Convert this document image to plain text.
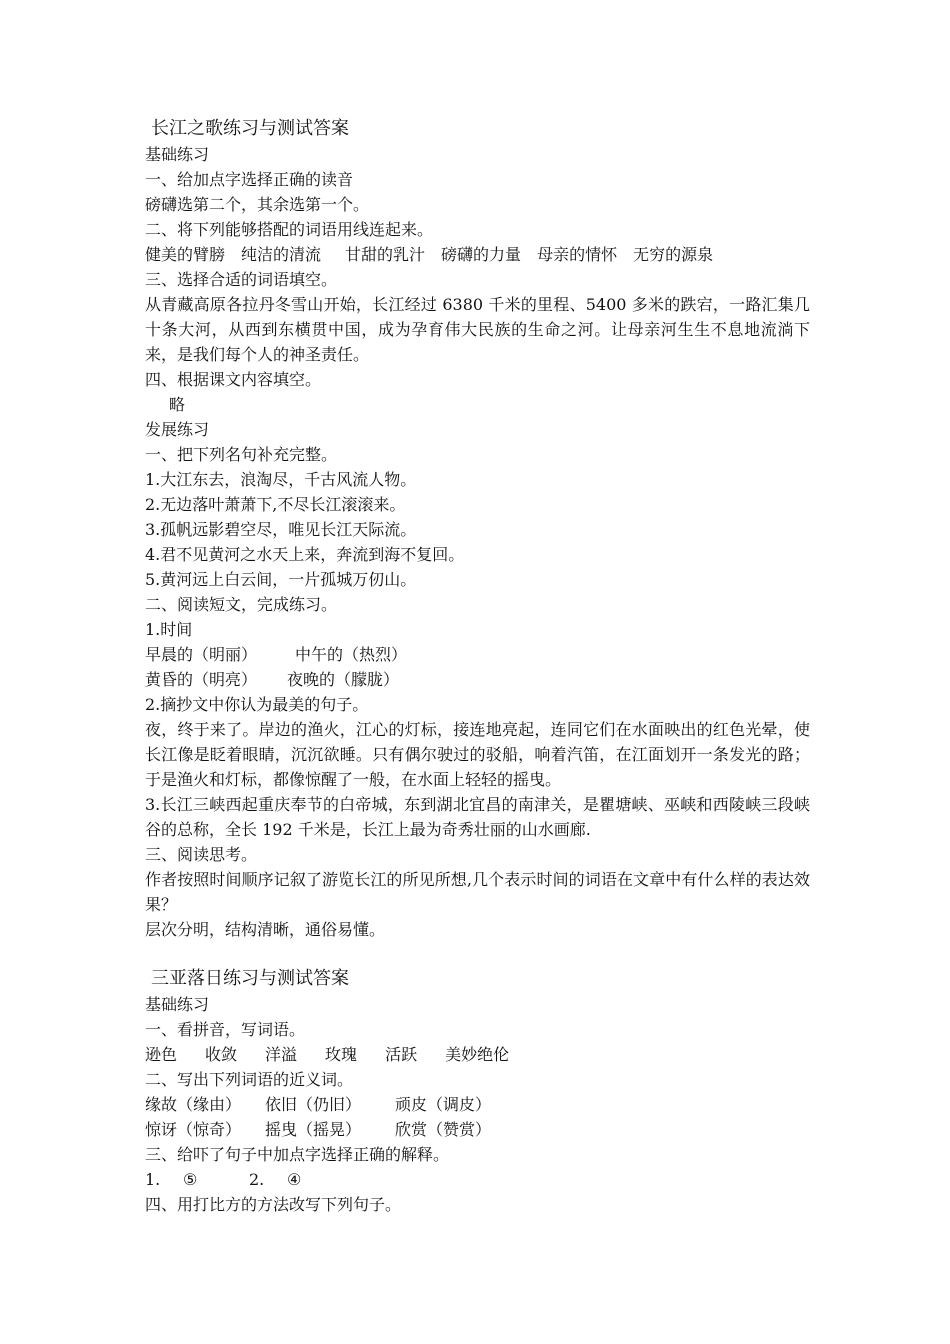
长江之歌练习与测试答案

基础练习

一、给加点字选择正确的读音

磅礴选第二个，其余选第一个。

二、将下列能够搭配的词语用线连起来。

健美的臂膀 纯洁的清流 甘甜的乳汁 磅礴的力量 母亲的情怀 无穷的源泉

三、选择合适的词语填空。

从青藏高原各拉丹冬雪山开始，长江经过 6380 千米的里程、5400 多米的跌宕，一路汇集几十条大河，从西到东横贯中国，成为孕育伟大民族的生命之河。让母亲河生生不息地流淌下来，是我们每个人的神圣责任。

四、根据课文内容填空。

略

发展练习

一、把下列名句补充完整。

1.大江东去，浪淘尽，千古风流人物。

2.无边落叶萧萧下,不尽长江滚滚来。

3.孤帆远影碧空尽，唯见长江天际流。

4.君不见黄河之水天上来，奔流到海不复回。

5.黄河远上白云间，一片孤城万仞山。

二、阅读短文，完成练习。

1.时间

早晨的（明丽）	中午的（热烈）
黄昏的（明亮）	夜晚的（朦胧）

2.摘抄文中你认为最美的句子。

夜，终于来了。岸边的渔火，江心的灯标，接连地亮起，连同它们在水面映出的红色光晕，使长江像是眨着眼睛，沉沉欲睡。只有偶尔驶过的驳船，响着汽笛，在江面划开一条发光的路；于是渔火和灯标，都像惊醒了一般，在水面上轻轻的摇曳。

3.长江三峡西起重庆奉节的白帝城，东到湖北宜昌的南津关，是瞿塘峡、巫峡和西陵峡三段峡谷的总称，全长 192 千米是，长江上最为奇秀壮丽的山水画廊.

三、阅读思考。

作者按照时间顺序记叙了游览长江的所见所想,几个表示时间的词语在文章中有什么样的表达效果？

层次分明，结构清晰，通俗易懂。

三亚落日练习与测试答案

基础练习

一、看拼音，写词语。

逊色 收敛 洋溢 玫瑰 活跃 美妙绝伦

二、写出下列词语的近义词。

缘故（缘由）	依旧（仍旧）	顽皮（调皮）
惊讶（惊奇）	摇曳（摇晃）	欣赏（赞赏）

三、给吓了句子中加点字选择正确的解释。

1.	⑤	2.	④

四、用打比方的方法改写下列句子。
